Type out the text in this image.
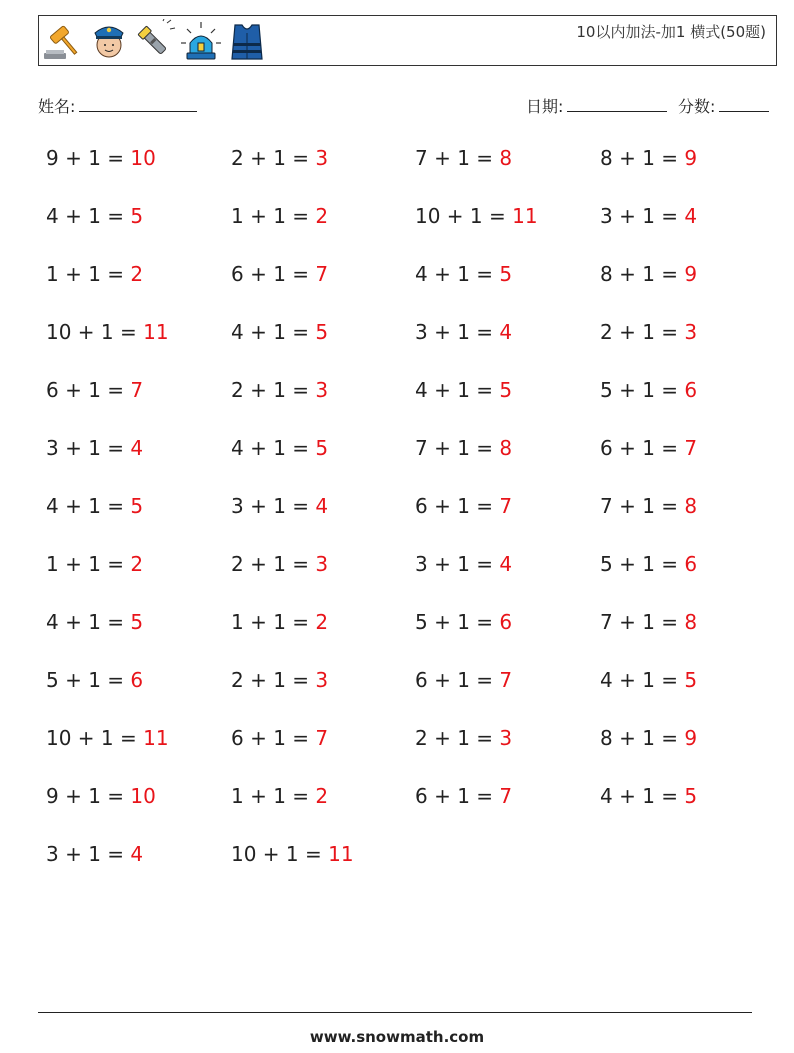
10以内加法-加1 横式(50题)
姓名:	日期:	分数:
9 + 1 = 10	2 + 1 = 3	7 + 1 = 8	8 + 1 = 9
4 + 1 = 5	1 + 1 = 2	10 + 1 = 11	3 + 1 = 4
1 + 1 = 2	6 + 1 = 7	4 + 1 = 5	8 + 1 = 9
10 + 1 = 11	4 + 1 = 5	3 + 1 = 4	2 + 1 = 3
6 + 1 = 7	2 + 1 = 3	4 + 1 = 5	5 + 1 = 6
3 + 1 = 4	4 + 1 = 5	7 + 1 = 8	6 + 1 = 7
4 + 1 = 5	3 + 1 = 4	6 + 1 = 7	7 + 1 = 8
1 + 1 = 2	2 + 1 = 3	3 + 1 = 4	5 + 1 = 6
4 + 1 = 5	1 + 1 = 2	5 + 1 = 6	7 + 1 = 8
5 + 1 = 6	2 + 1 = 3	6 + 1 = 7	4 + 1 = 5
10 + 1 = 11	6 + 1 = 7	2 + 1 = 3	8 + 1 = 9
9 + 1 = 10	1 + 1 = 2	6 + 1 = 7	4 + 1 = 5
3 + 1 = 4	10 + 1 = 11
www.snowmath.com
